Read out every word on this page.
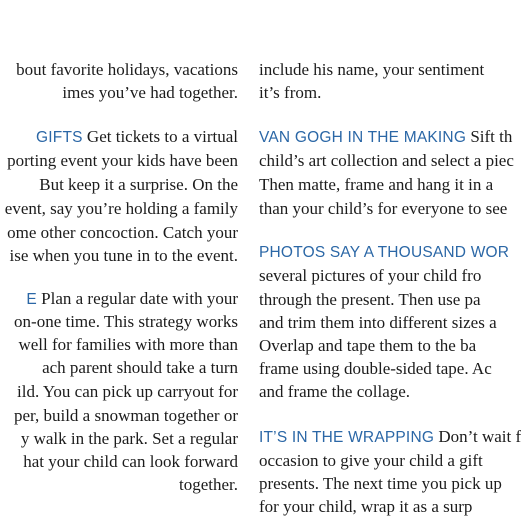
bout favorite holidays, vacations
imes you’ve had together.
GIFTS Get tickets to a virtual
porting event your kids have been
But keep it a surprise. On the
event, say you’re holding a family
ome other concoction. Catch your
ise when you tune in to the event.
E Plan a regular date with your
on-one time. This strategy works
well for families with more than
ach parent should take a turn
ild. You can pick up carryout for
per, build a snowman together or
y walk in the park. Set a regular
hat your child can look forward
together.
include his name, your sentiment
it’s from.
VAN GOGH IN THE MAKING Sift th
child’s art collection and select a piec
Then matte, frame and hang it in a
than your child’s for everyone to see
PHOTOS SAY A THOUSAND WOR
several pictures of your child fro
through the present. Then use pa
and trim them into different sizes a
Overlap and tape them to the ba
frame using double-sided tape. Ac
and frame the collage.
IT’S IN THE WRAPPING Don’t wait f
occasion to give your child a gift
presents. The next time you pick up
for your child, wrap it as a surp
